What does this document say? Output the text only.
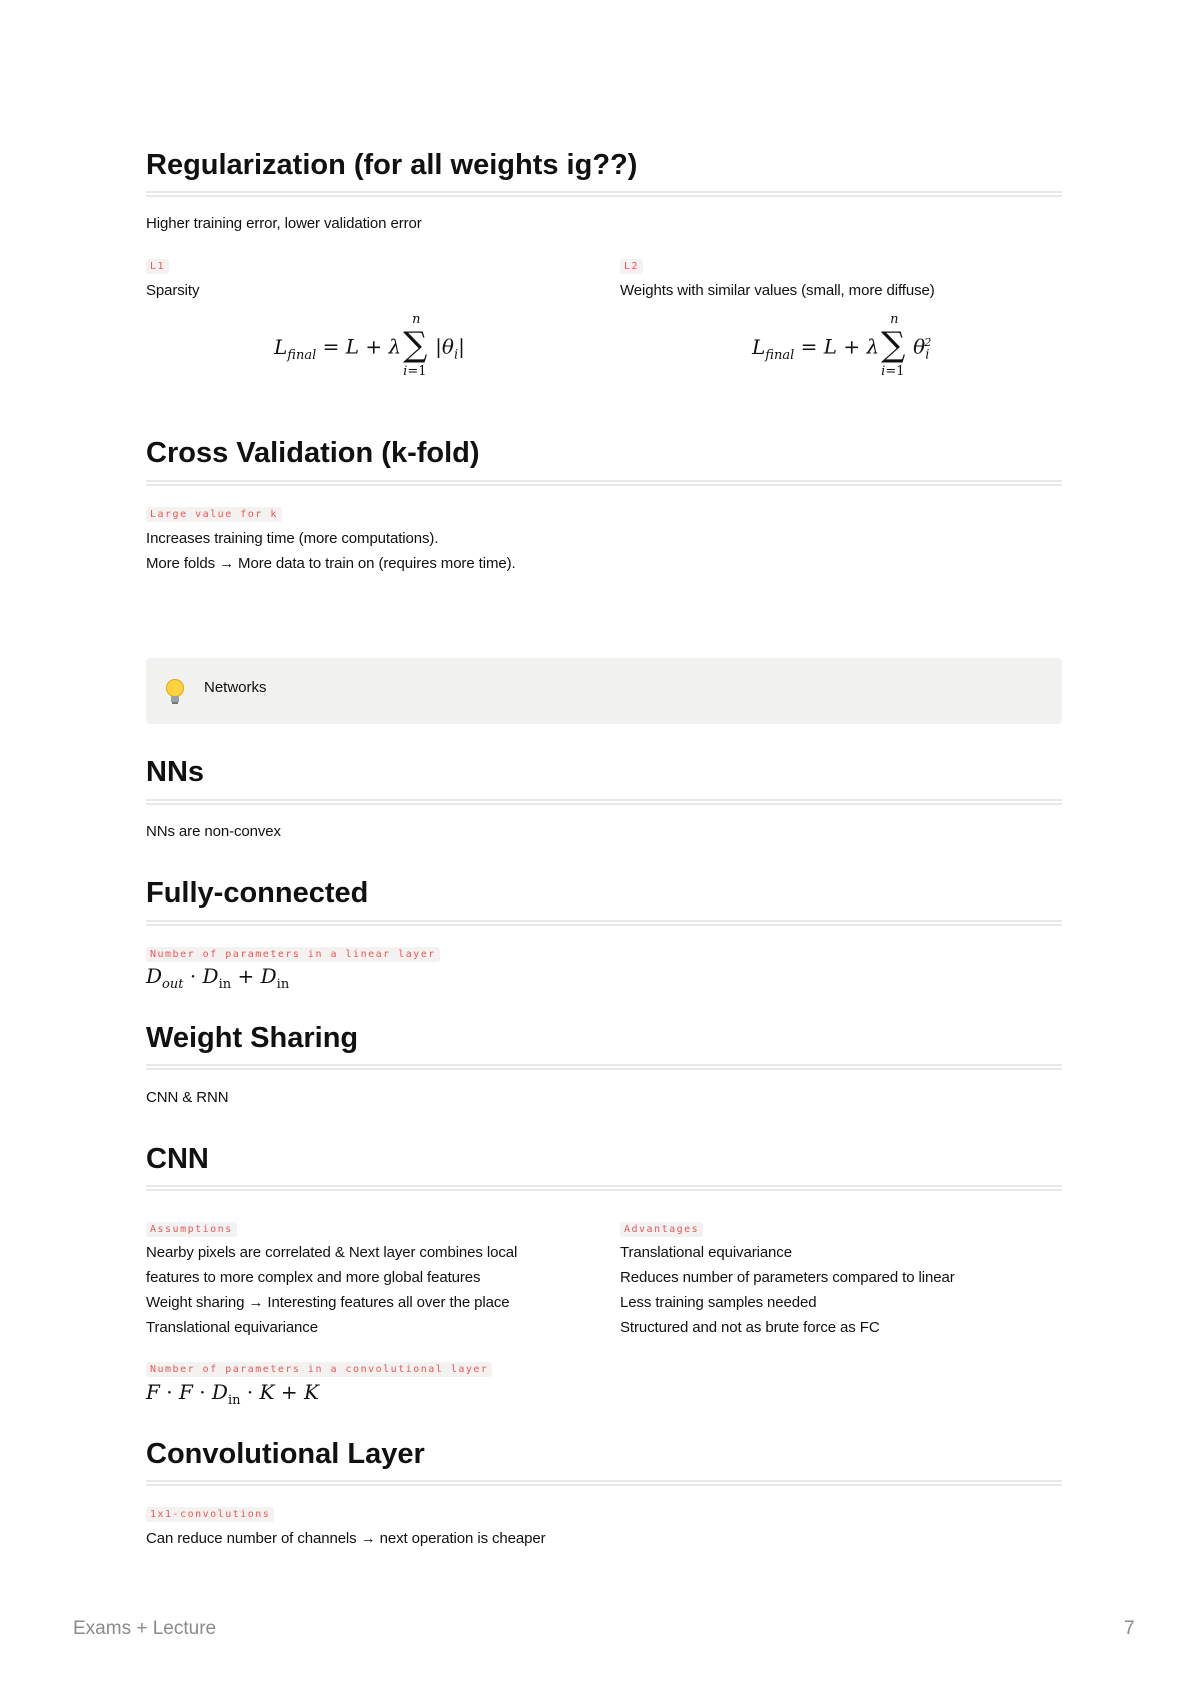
Regularization (for all weights ig??)
Higher training error, lower validation error
L1
Sparsity
$L_{final} = L + \lambda$
n
∑
i=1
$|\theta_i|$
L2
Weights with similar values (small, more diffuse)
$L_{final} = L + \lambda$
n
∑
i=1
$\theta_i^2$
Cross Validation (k-fold)
Large value for k
Increases training time (more computations).
More folds → More data to train on (requires more time).
Networks
NNs
NNs are non-convex
Fully-connected
Number of parameters in a linear layer
$D_{out} \cdot D_{in} + D_{in}$
Weight Sharing
CNN & RNN
CNN
Assumptions
Nearby pixels are correlated & Next layer combines local
features to more complex and more global features
Weight sharing → Interesting features all over the place
Translational equivariance
Advantages
Translational equivariance
Reduces number of parameters compared to linear
Less training samples needed
Structured and not as brute force as FC
Number of parameters in a convolutional layer
$F \cdot F \cdot D_{in} \cdot K + K$
Convolutional Layer
1x1-convolutions
Can reduce number of channels → next operation is cheaper
Exams + Lecture	7
